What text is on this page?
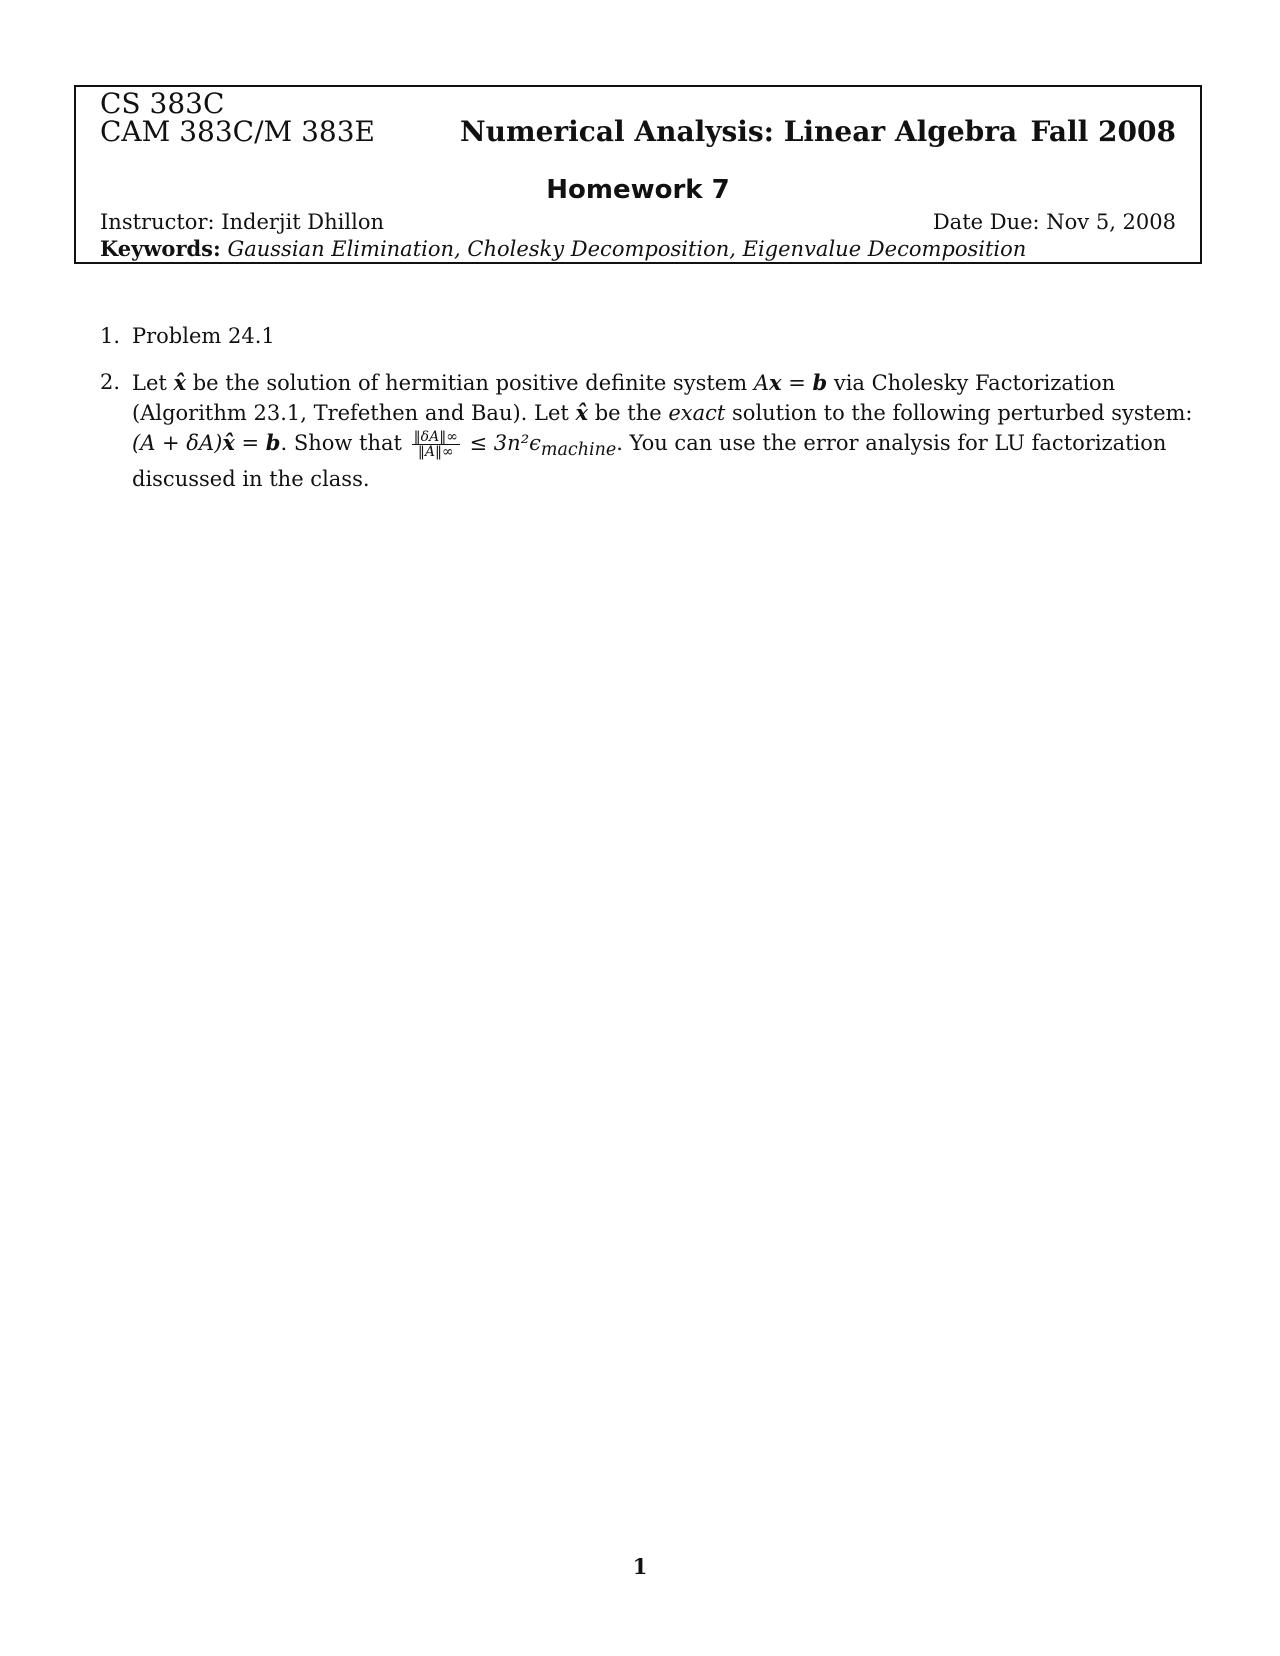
CS 383C
CAM 383C/M 383E	Numerical Analysis: Linear Algebra Fall 2008
Homework 7
Instructor: Inderjit Dhillon	Date Due: Nov 5, 2008
Keywords: Gaussian Elimination, Cholesky Decomposition, Eigenvalue Decomposition
1. Problem 24.1
2. Let x̂ be the solution of hermitian positive definite system Ax = b via Cholesky Factorization (Algorithm 23.1, Trefethen and Bau). Let x̂ be the exact solution to the following perturbed system: (A + δA)x̂ = b. Show that $\frac{‖\delta A‖\infty}{‖A‖\infty} \le 3n^2\epsilon_{machine}$. You can use the error analysis for LU factorization discussed in the class.
1
